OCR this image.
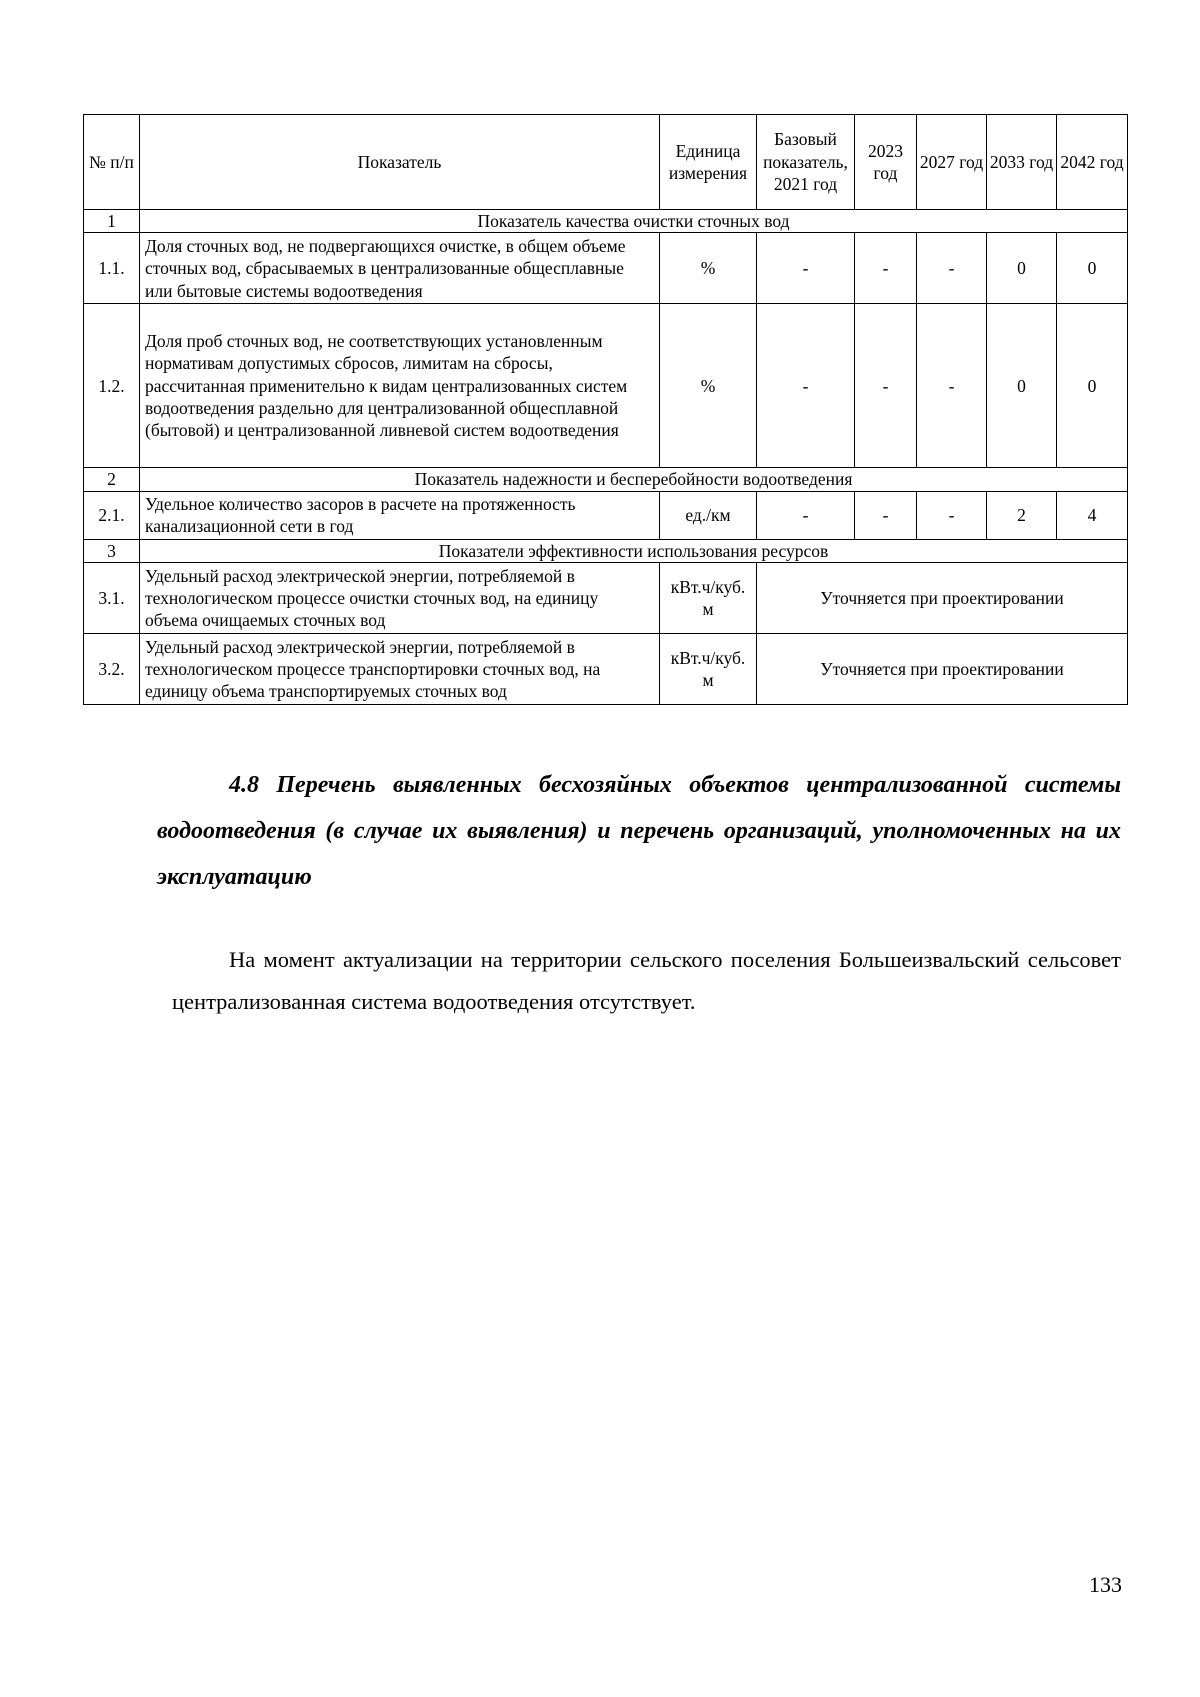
№ п/п	Показатель	Единица измерения	Базовый показатель, 2021 год	2023 год	2027 год	2033 год	2042 год
1	Показатель качества очистки сточных вод						
1.1.	Доля сточных вод, не подвергающихся очистке, в общем объеме сточных вод, сбрасываемых в централизованные общесплавные или бытовые системы водоотведения	%	-	-	-	0	0
1.2.	Доля проб сточных вод, не соответствующих установленным нормативам допустимых сбросов, лимитам на сбросы, рассчитанная применительно к видам централизованных систем водоотведения раздельно для централизованной общесплавной (бытовой) и централизованной ливневой систем водоотведения	%	-	-	-	0	0
2	Показатель надежности и бесперебойности водоотведения						
2.1.	Удельное количество засоров в расчете на протяженность канализационной сети в год	ед./км	-	-	-	2	4
3	Показатели эффективности использования ресурсов						
3.1.	Удельный расход электрической энергии, потребляемой в технологическом процессе очистки сточных вод, на единицу объема очищаемых сточных вод	кВт.ч/куб. м	Уточняется при проектировании				
3.2.	Удельный расход электрической энергии, потребляемой в технологическом процессе транспортировки сточных вод, на единицу объема транспортируемых сточных вод	кВт.ч/куб. м	Уточняется при проектировании				

4.8 Перечень выявленных бесхозяйных объектов централизованной системы водоотведения (в случае их выявления) и перечень организаций, уполномоченных на их эксплуатацию

На момент актуализации на территории сельского поселения Большеизвальский сельсовет централизованная система водоотведения отсутствует.

133
